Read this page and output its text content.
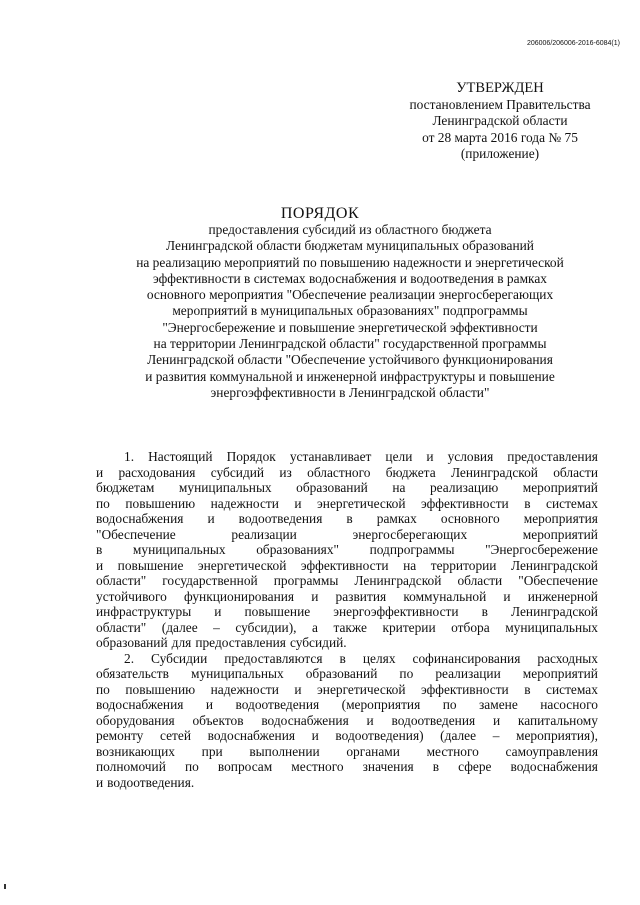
206006/206006-2016-6084(1)
УТВЕРЖДЕН
постановлением Правительства
Ленинградской области
от 28 марта 2016 года № 75
(приложение)
ПОРЯДОК
предоставления субсидий из областного бюджета
Ленинградской области бюджетам муниципальных образований
на реализацию мероприятий по повышению надежности и энергетической
эффективности в системах водоснабжения и водоотведения в рамках
основного мероприятия "Обеспечение реализации энергосберегающих
мероприятий в муниципальных образованиях" подпрограммы
"Энергосбережение и повышение энергетической эффективности
на территории Ленинградской области" государственной программы
Ленинградской области "Обеспечение устойчивого функционирования
и развития коммунальной и инженерной инфраструктуры и повышение
энергоэффективности в Ленинградской области"
1. Настоящий Порядок устанавливает цели и условия предоставления
и расходования субсидий из областного бюджета Ленинградской области
бюджетам муниципальных образований на реализацию мероприятий
по повышению надежности и энергетической эффективности в системах
водоснабжения и водоотведения в рамках основного мероприятия
"Обеспечение	реализации	энергосберегающих	мероприятий
в муниципальных образованиях" подпрограммы "Энергосбережение
и повышение энергетической эффективности на территории Ленинградской
области" государственной программы Ленинградской области "Обеспечение
устойчивого функционирования и развития коммунальной и инженерной
инфраструктуры и повышение энергоэффективности в Ленинградской
области" (далее – субсидии), а также критерии отбора муниципальных
образований для предоставления субсидий.
2. Субсидии предоставляются в целях софинансирования расходных
обязательств муниципальных образований по реализации мероприятий
по повышению надежности и энергетической эффективности в системах
водоснабжения и водоотведения (мероприятия по замене насосного
оборудования объектов водоснабжения и водоотведения и капитальному
ремонту сетей водоснабжения и водоотведения) (далее – мероприятия),
возникающих при выполнении органами местного самоуправления
полномочий по вопросам местного значения в сфере водоснабжения
и водоотведения.
